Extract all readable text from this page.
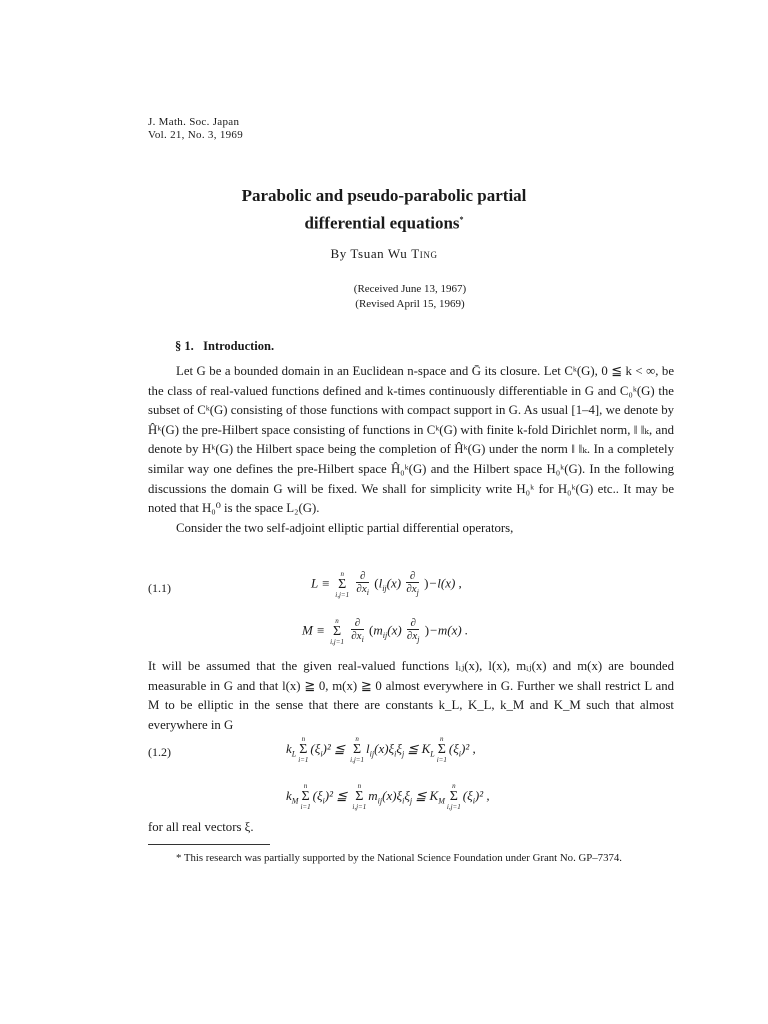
J. Math. Soc. Japan
Vol. 21, No. 3, 1969
Parabolic and pseudo-parabolic partial
differential equations*
By Tsuan Wu Ting
(Received June 13, 1967)
(Revised April 15, 1969)
§ 1. Introduction.

Let G be a bounded domain in an Euclidean n-space and Ḡ its closure. Let Cᵏ(G), 0 ≦ k < ∞, be the class of real-valued functions defined and k-times continuously differentiable in G and C₀ᵏ(G) the subset of Cᵏ(G) consisting of those functions with compact support in G. As usual [1–4], we denote by Ĥᵏ(G) the pre-Hilbert space consisting of functions in Cᵏ(G) with finite k-fold Dirichlet norm, ‖ ‖ₖ, and denote by Hᵏ(G) the Hilbert space being the completion of Ĥᵏ(G) under the norm ‖ ‖ₖ. In a completely similar way one defines the pre-Hilbert space Ĥ₀ᵏ(G) and the Hilbert space H₀ᵏ(G). In the following discussions the domain G will be fixed. We shall for simplicity write H₀ᵏ for H₀ᵏ(G) etc.. It may be noted that H₀⁰ is the space L₂(G).

Consider the two self-adjoint elliptic partial differential operators,

(1.1)	L ≡ n
Σ
$i,j=1 \frac{\partial}{\partial x_i} (l_{ij}(x) \frac{\partial}{\partial x_j} )-l(x)$ ,
M ≡ n
Σ
$i,j=1 \frac{\partial}{\partial x_i} (m_{ij}(x) \frac{\partial}{\partial x_j} )-m(x)$ .

It will be assumed that the given real-valued functions lᵢⱼ(x), l(x), mᵢⱼ(x) and m(x) are bounded measurable in G and that l(x) ≧ 0, m(x) ≧ 0 almost everywhere in G. Further we shall restrict L and M to be elliptic in the sense that there are constants k_L, K_L, k_M and K_M such that almost everywhere in G

(1.2)	$k_Ln$
Σ
$i=1(\xi_i)^2$ ≦ n
Σ
$i,j=1l_{ij}(x)\xi_i\xi_j$ ≦ $K_Ln$
Σ
$i=1(\xi_i)^2$ ,
$k_Mn$
Σ
$i=1(\xi_i)^2$ ≦ n
Σ
$i,j=1m_{ij}(x)\xi_i\xi_j$ ≦ $K_Mn$
Σ
$i,j=1(\xi_i)^2$ ,

for all real vectors ξ.

* This research was partially supported by the National Science Foundation under Grant No. GP–7374.
